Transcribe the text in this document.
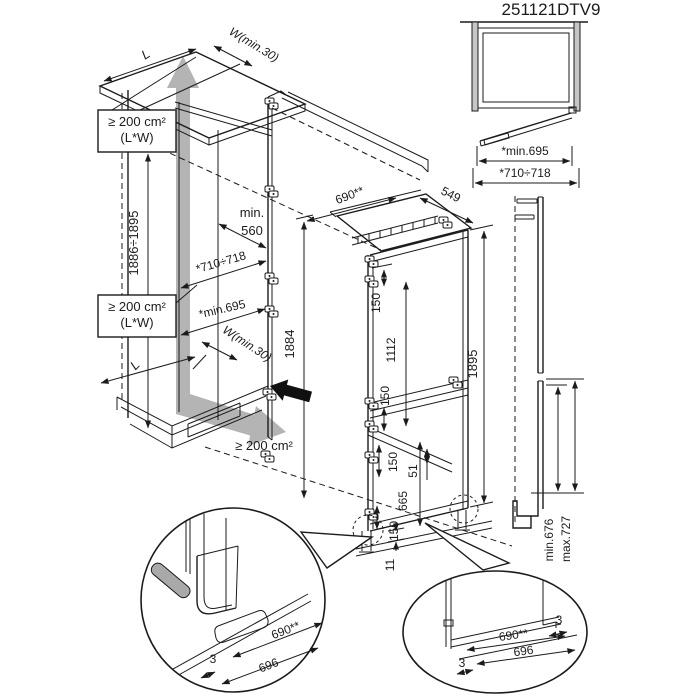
251121DTV9
*min.695
*710÷718
L	W(min.30)
1886÷1895
≥ 200 cm²
(L*W)
min.
560
*710÷718
≥ 200 cm²
(L*W)
*min.695
W(min.30)
L
1884
690**
≥ 200 cm²
549
150
1112
150
150 51
665
150
11
1895
min.676 max.727
690**
3	696
3
690**
696
3
